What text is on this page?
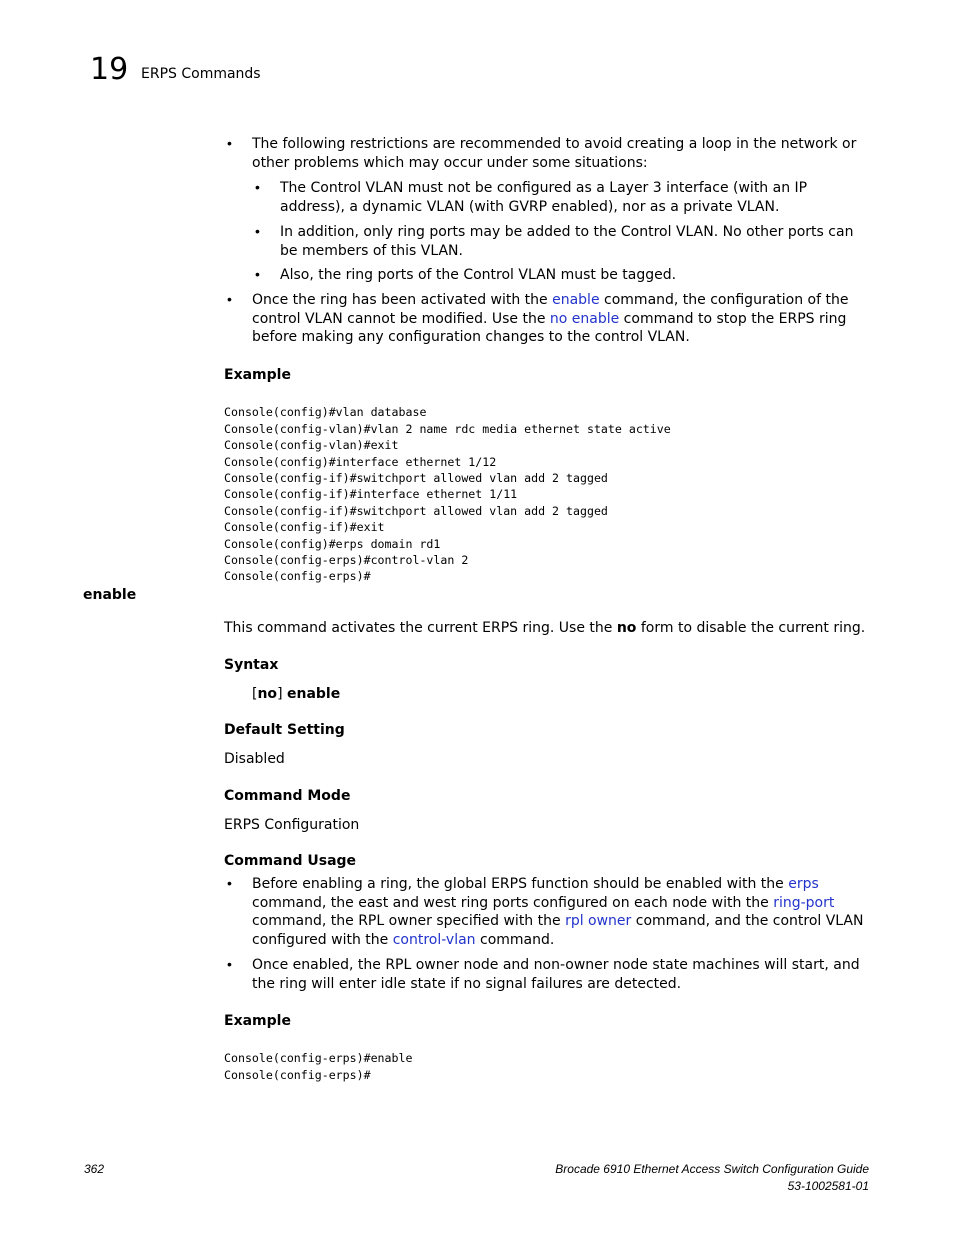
19 ERPS Commands
• The following restrictions are recommended to avoid creating a loop in the network or other problems which may occur under some situations:
• The Control VLAN must not be configured as a Layer 3 interface (with an IP address), a dynamic VLAN (with GVRP enabled), nor as a private VLAN.
• In addition, only ring ports may be added to the Control VLAN. No other ports can be members of this VLAN.
• Also, the ring ports of the Control VLAN must be tagged.
• Once the ring has been activated with the enable command, the configuration of the control VLAN cannot be modified. Use the no enable command to stop the ERPS ring before making any configuration changes to the control VLAN.
Example

Console(config)#vlan database
Console(config-vlan)#vlan 2 name rdc media ethernet state active
Console(config-vlan)#exit
Console(config)#interface ethernet 1/12
Console(config-if)#switchport allowed vlan add 2 tagged
Console(config-if)#interface ethernet 1/11
Console(config-if)#switchport allowed vlan add 2 tagged
Console(config-if)#exit
Console(config)#erps domain rd1
Console(config-erps)#control-vlan 2
Console(config-erps)#

enable
This command activates the current ERPS ring. Use the no form to disable the current ring.
Syntax
[no] enable
Default Setting
Disabled
Command Mode
ERPS Configuration
Command Usage
• Before enabling a ring, the global ERPS function should be enabled with the erps command, the east and west ring ports configured on each node with the ring-port command, the RPL owner specified with the rpl owner command, and the control VLAN configured with the control-vlan command.
• Once enabled, the RPL owner node and non-owner node state machines will start, and the ring will enter idle state if no signal failures are detected.
Example

Console(config-erps)#enable
Console(config-erps)#

362	Brocade 6910 Ethernet Access Switch Configuration Guide
53-1002581-01
